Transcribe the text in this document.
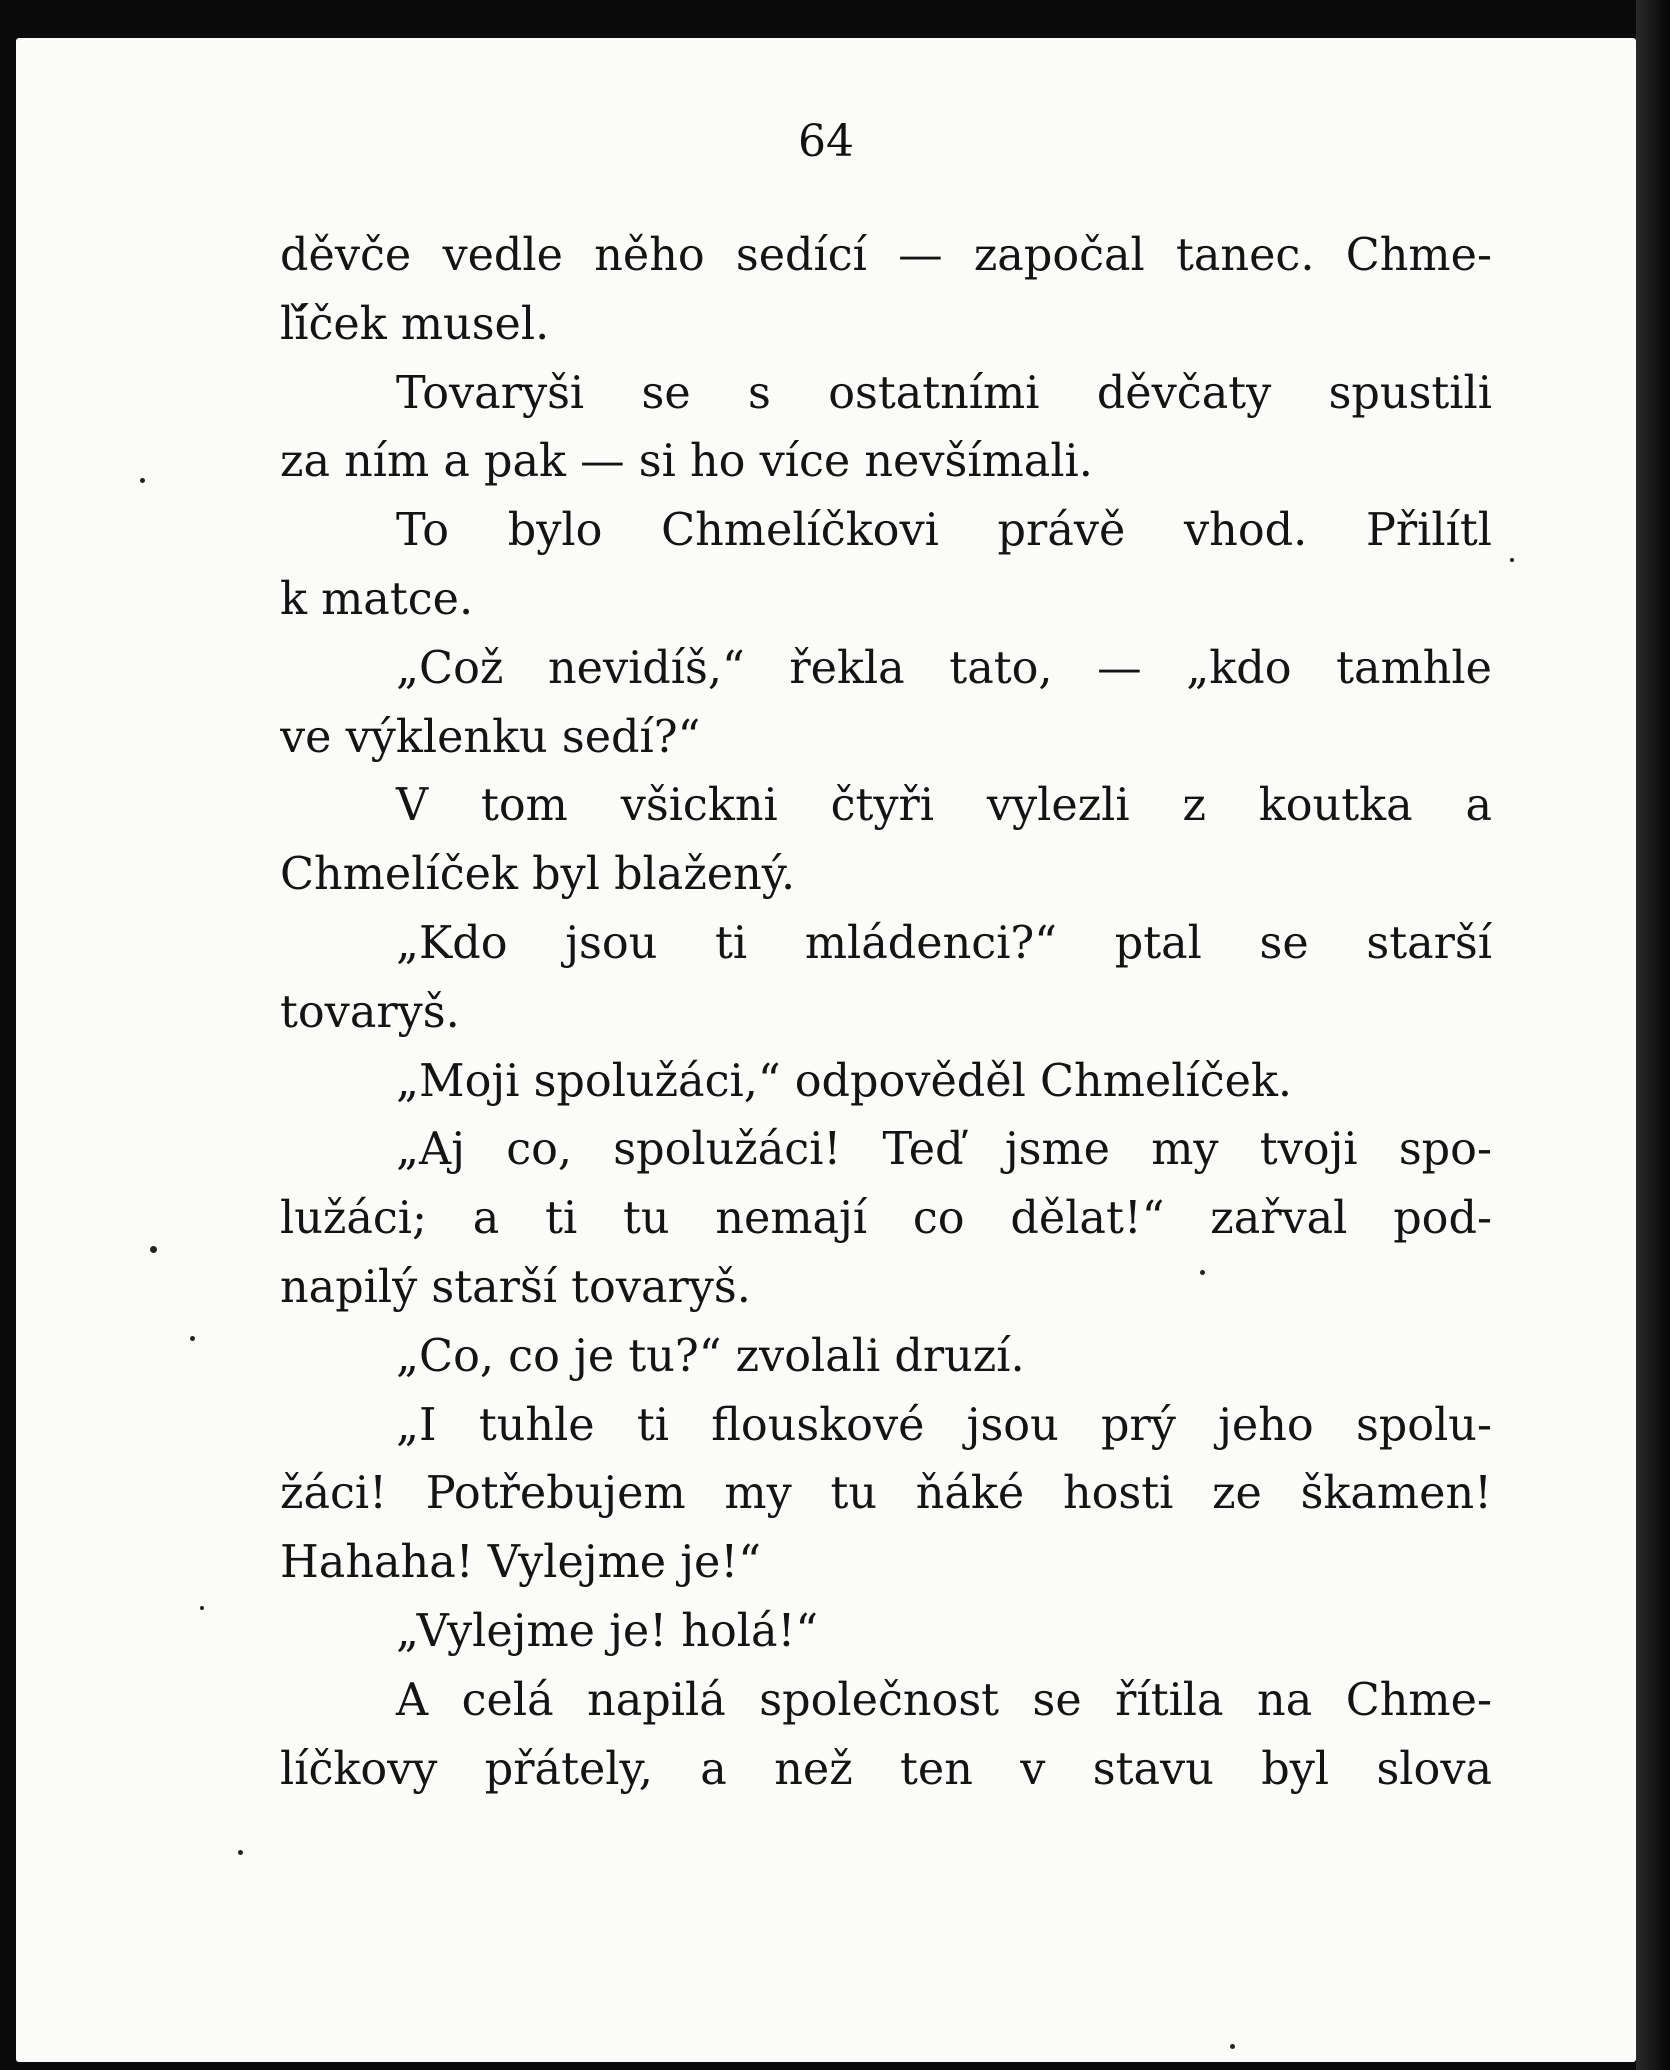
64
děvče vedle něho sedící — započal tanec. Chme-
lí̌ček musel.
Tovaryši se s ostatními děvčaty spustili
za ním a pak — si ho více nevšímali.
To bylo Chmelíčkovi právě vhod. Přilítl
k matce.
„Což nevidíš,“ řekla tato, — „kdo tamhle
ve výklenku sedí?“
V tom všickni čtyři vylezli z koutka a
Chmelíček byl blažený.
„Kdo jsou ti mládenci?“ ptal se starší
tovaryš.
„Moji spolužáci,“ odpověděl Chmelíček.
„Aj co, spolužáci! Teď jsme my tvoji spo-
lužáci; a ti tu nemají co dělat!“ zařval pod-
napilý starší tovaryš.
„Co, co je tu?“ zvolali druzí.
„I tuhle ti flouskové jsou prý jeho spolu-
žáci! Potřebujem my tu ňáké hosti ze škamen!
Hahaha! Vylejme je!“
„Vylejme je! holá!“
A celá napilá společnost se řítila na Chme-
líčkovy přátely, a než ten v stavu byl slova
